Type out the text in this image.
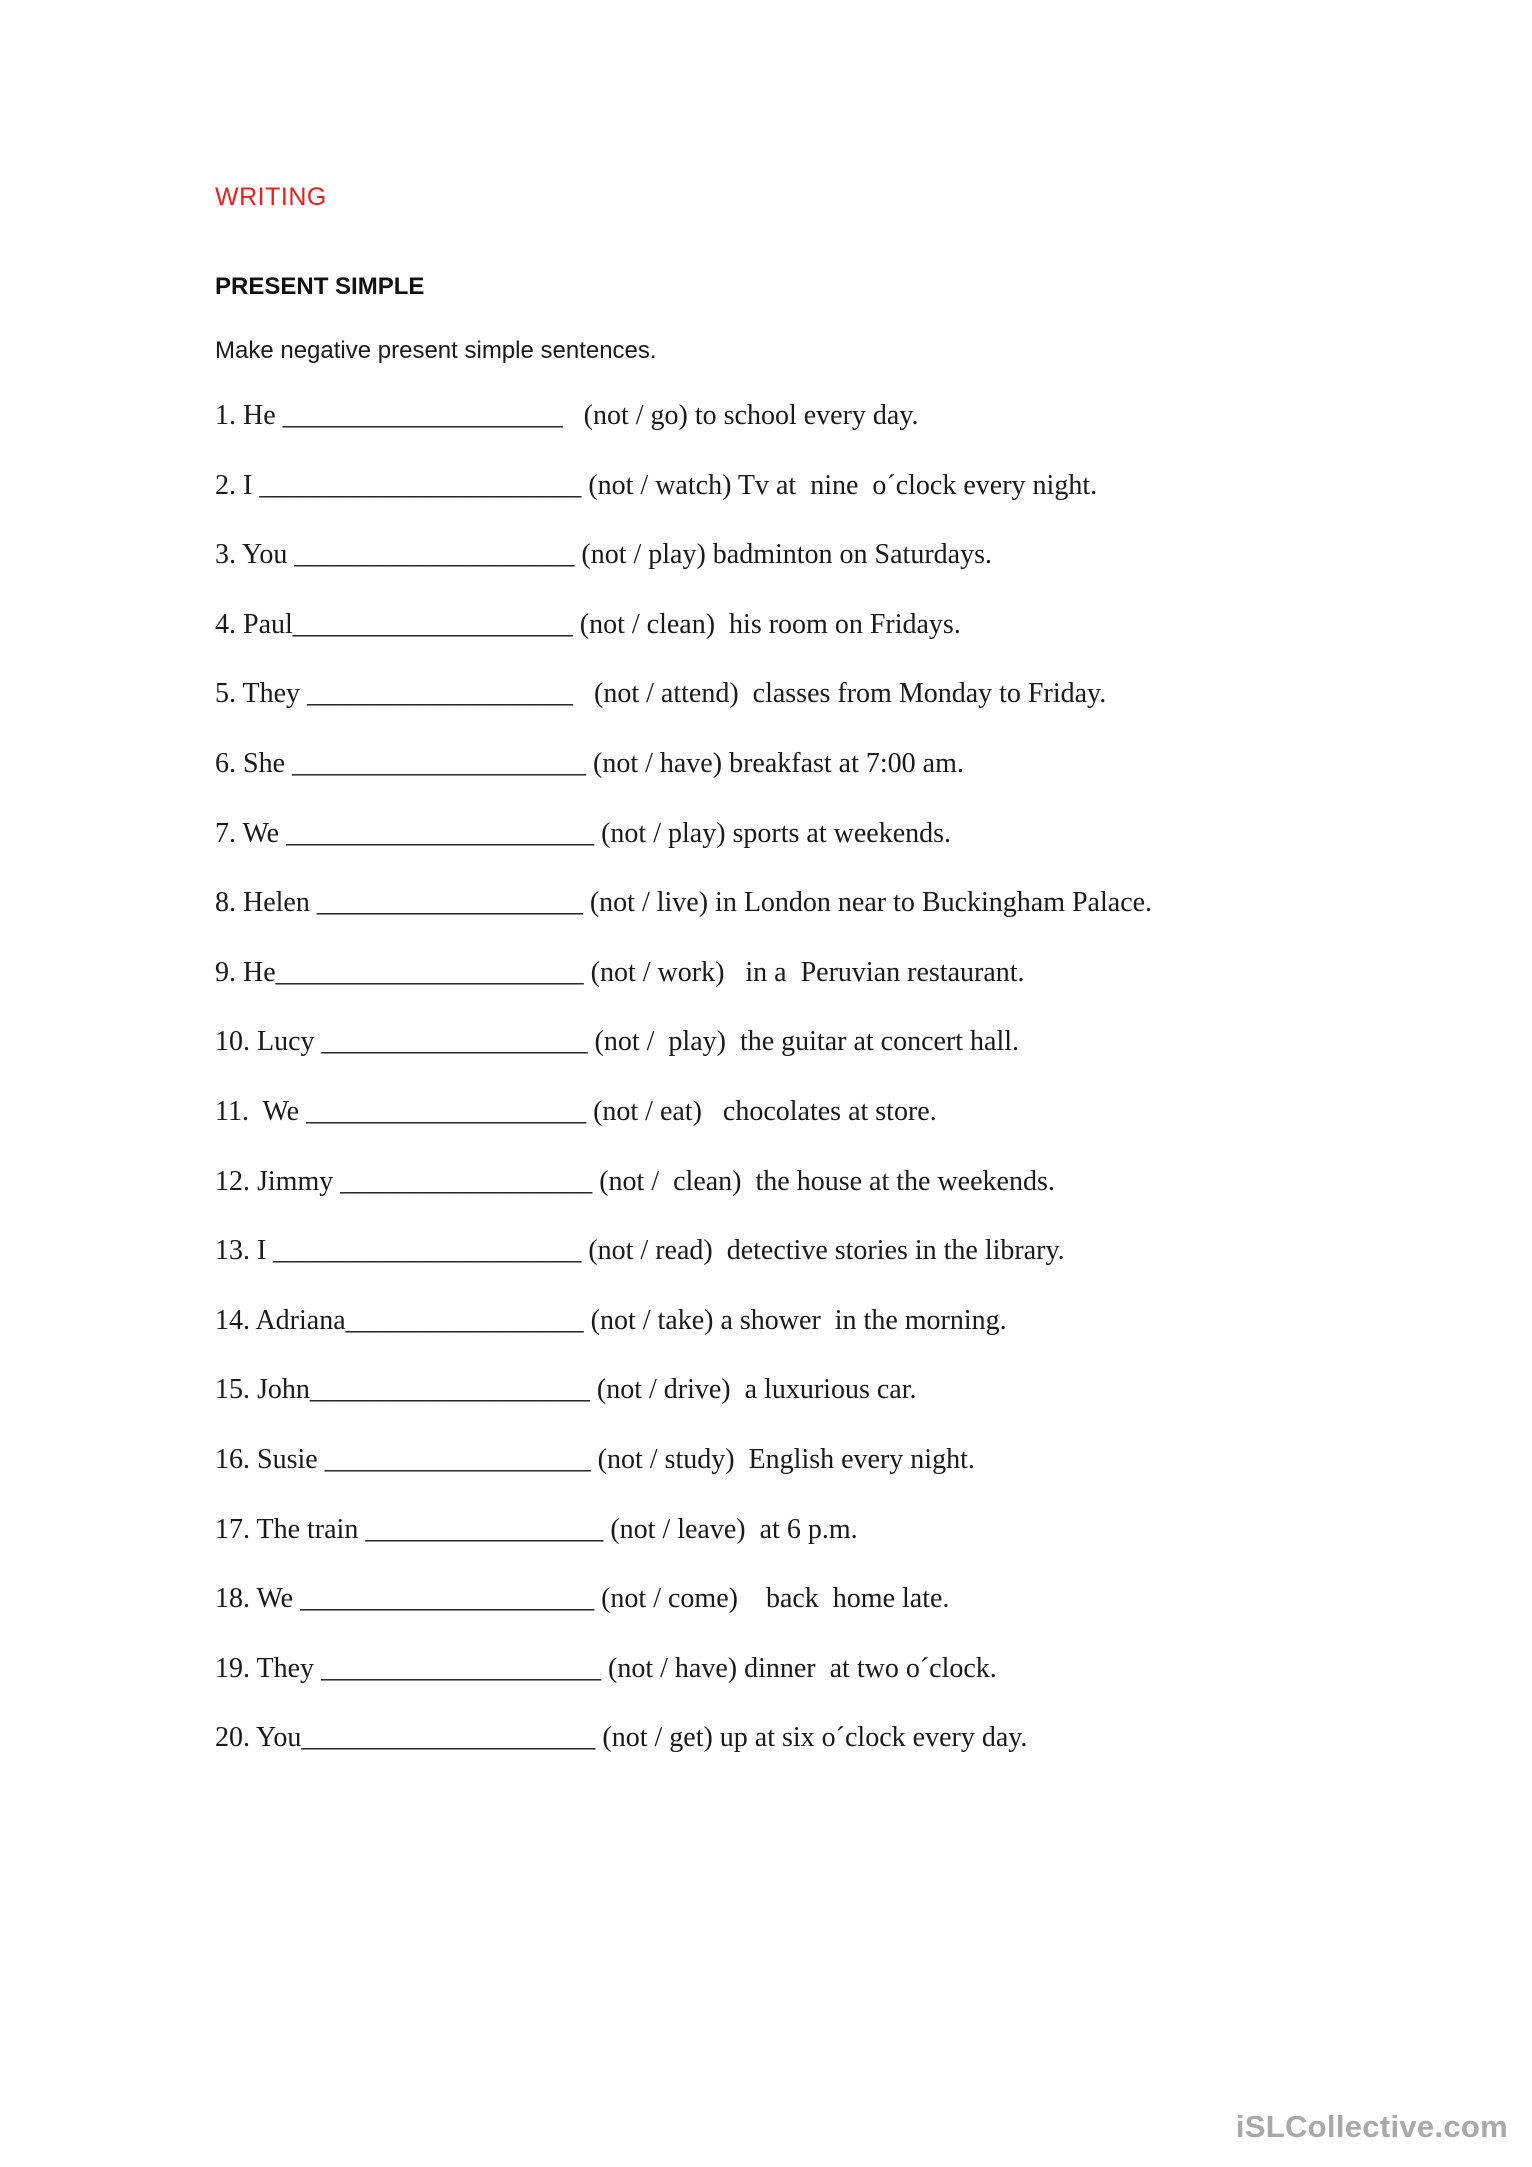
WRITING
PRESENT SIMPLE
Make negative present simple sentences.
1. He ____________________   (not / go) to school every day.
2. I _______________________ (not / watch) Tv at  nine  o´clock every night.
3. You ____________________ (not / play) badminton on Saturdays.
4. Paul____________________ (not / clean)  his room on Fridays.
5. They ___________________   (not / attend)  classes from Monday to Friday.
6. She _____________________ (not / have) breakfast at 7:00 am.
7. We ______________________ (not / play) sports at weekends.
8. Helen ___________________ (not / live) in London near to Buckingham Palace.
9. He______________________ (not / work)   in a  Peruvian restaurant.
10. Lucy ___________________ (not /  play)  the guitar at concert hall.
11.  We ____________________ (not / eat)   chocolates at store.
12. Jimmy __________________ (not /  clean)  the house at the weekends.
13. I ______________________ (not / read)  detective stories in the library.
14. Adriana_________________ (not / take) a shower  in the morning.
15. John____________________ (not / drive)  a luxurious car.
16. Susie ___________________ (not / study)  English every night.
17. The train _________________ (not / leave)  at 6 p.m.
18. We _____________________ (not / come)    back  home late.
19. They ____________________ (not / have) dinner  at two o´clock.
20. You_____________________ (not / get) up at six o´clock every day.
iSLCollective.com
